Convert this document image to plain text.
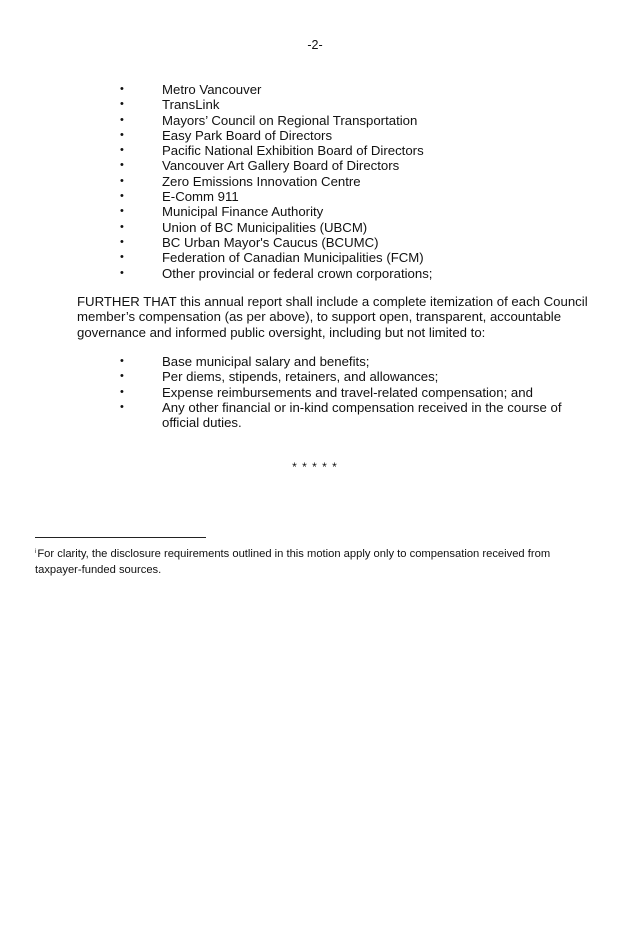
-2-
•	Metro Vancouver
•	TransLink
•	Mayors’ Council on Regional Transportation
•	Easy Park Board of Directors
•	Pacific National Exhibition Board of Directors
•	Vancouver Art Gallery Board of Directors
•	Zero Emissions Innovation Centre
•	E-Comm 911
•	Municipal Finance Authority
•	Union of BC Municipalities (UBCM)
•	BC Urban Mayor's Caucus (BCUMC)
•	Federation of Canadian Municipalities (FCM)
•	Other provincial or federal crown corporations;

FURTHER THAT this annual report shall include a complete itemization of each Council member’s compensation (as per above), to support open, transparent, accountable governance and informed public oversight, including but not limited to:

•	Base municipal salary and benefits;
•	Per diems, stipends, retainers, and allowances;
•	Expense reimbursements and travel-related compensation; and
•	Any other financial or in-kind compensation received in the course of official duties.
* * * * *

$^i$For clarity, the disclosure requirements outlined in this motion apply only to compensation received from taxpayer-funded sources.
